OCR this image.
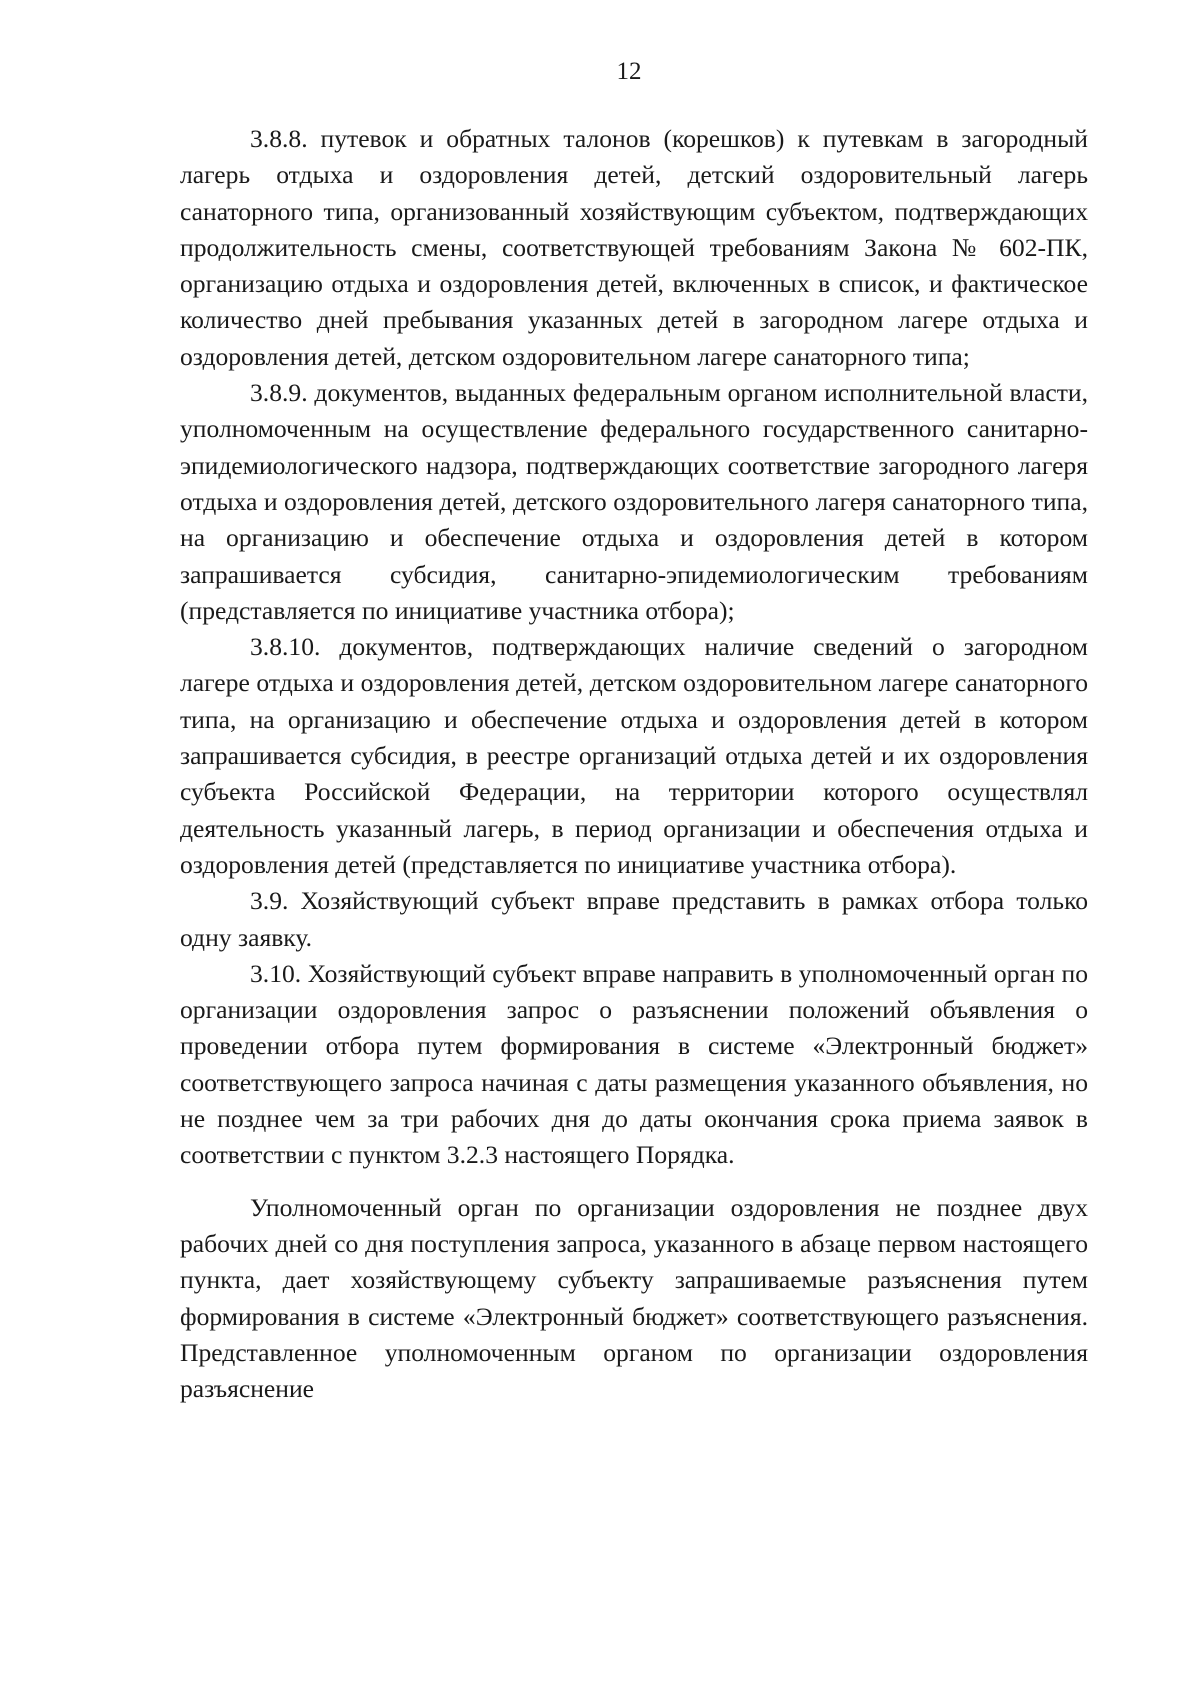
12

3.8.8. путевок и обратных талонов (корешков) к путевкам в загородный лагерь отдыха и оздоровления детей, детский оздоровительный лагерь санаторного типа, организованный хозяйствующим субъектом, подтверждающих продолжительность смены, соответствующей требованиям Закона № 602-ПК, организацию отдыха и оздоровления детей, включенных в список, и фактическое количество дней пребывания указанных детей в загородном лагере отдыха и оздоровления детей, детском оздоровительном лагере санаторного типа;

3.8.9. документов, выданных федеральным органом исполнительной власти, уполномоченным на осуществление федерального государственного санитарно-эпидемиологического надзора, подтверждающих соответствие загородного лагеря отдыха и оздоровления детей, детского оздоровительного лагеря санаторного типа, на организацию и обеспечение отдыха и оздоровления детей в котором запрашивается субсидия, санитарно-эпидемиологическим требованиям (представляется по инициативе участника отбора);

3.8.10. документов, подтверждающих наличие сведений о загородном лагере отдыха и оздоровления детей, детском оздоровительном лагере санаторного типа, на организацию и обеспечение отдыха и оздоровления детей в котором запрашивается субсидия, в реестре организаций отдыха детей и их оздоровления субъекта Российской Федерации, на территории которого осуществлял деятельность указанный лагерь, в период организации и обеспечения отдыха и оздоровления детей (представляется по инициативе участника отбора).

3.9. Хозяйствующий субъект вправе представить в рамках отбора только одну заявку.

3.10. Хозяйствующий субъект вправе направить в уполномоченный орган по организации оздоровления запрос о разъяснении положений объявления о проведении отбора путем формирования в системе «Электронный бюджет» соответствующего запроса начиная с даты размещения указанного объявления, но не позднее чем за три рабочих дня до даты окончания срока приема заявок в соответствии с пунктом 3.2.3 настоящего Порядка.

Уполномоченный орган по организации оздоровления не позднее двух рабочих дней со дня поступления запроса, указанного в абзаце первом настоящего пункта, дает хозяйствующему субъекту запрашиваемые разъяснения путем формирования в системе «Электронный бюджет» соответствующего разъяснения. Представленное уполномоченным органом по организации оздоровления разъяснение
